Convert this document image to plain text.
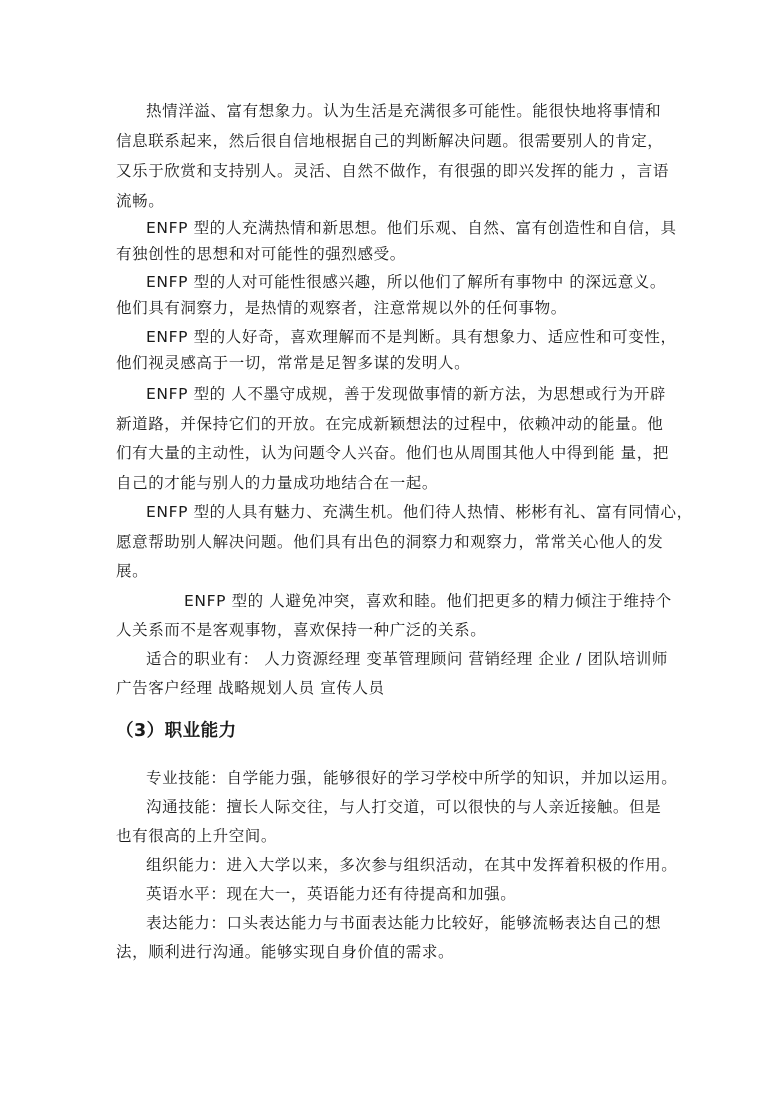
热情洋溢、富有想象力。认为生活是充满很多可能性。能很快地将事情和
信息联系起来，然后很自信地根据自己的判断解决问题。很需要别人的肯定，
又乐于欣赏和支持别人。灵活、自然不做作，有很强的即兴发挥的能力 ，言语
流畅。
ENFP 型的人充满热情和新思想。他们乐观、自然、富有创造性和自信，具
有独创性的思想和对可能性的强烈感受。
ENFP 型的人对可能性很感兴趣，所以他们了解所有事物中 的深远意义。
他们具有洞察力，是热情的观察者，注意常规以外的任何事物。
ENFP 型的人好奇，喜欢理解而不是判断。具有想象力、适应性和可变性，
他们视灵感高于一切，常常是足智多谋的发明人。
ENFP 型的 人不墨守成规，善于发现做事情的新方法，为思想或行为开辟
新道路，并保持它们的开放。在完成新颖想法的过程中，依赖冲动的能量。他
们有大量的主动性，认为问题令人兴奋。他们也从周围其他人中得到能 量，把
自己的才能与别人的力量成功地结合在一起。
ENFP 型的人具有魅力、充满生机。他们待人热情、彬彬有礼、富有同情心，
愿意帮助别人解决问题。他们具有出色的洞察力和观察力，常常关心他人的发
展。
ENFP 型的 人避免冲突，喜欢和睦。他们把更多的精力倾注于维持个
人关系而不是客观事物，喜欢保持一种广泛的关系。
适合的职业有： 人力资源经理 变革管理顾问 营销经理 企业 / 团队培训师
广告客户经理 战略规划人员 宣传人员
（3）职业能力
专业技能：自学能力强，能够很好的学习学校中所学的知识，并加以运用。
沟通技能：擅长人际交往，与人打交道，可以很快的与人亲近接触。但是
也有很高的上升空间。
组织能力：进入大学以来，多次参与组织活动，在其中发挥着积极的作用。
英语水平：现在大一，英语能力还有待提高和加强。
表达能力：口头表达能力与书面表达能力比较好，能够流畅表达自己的想
法，顺利进行沟通。能够实现自身价值的需求。
